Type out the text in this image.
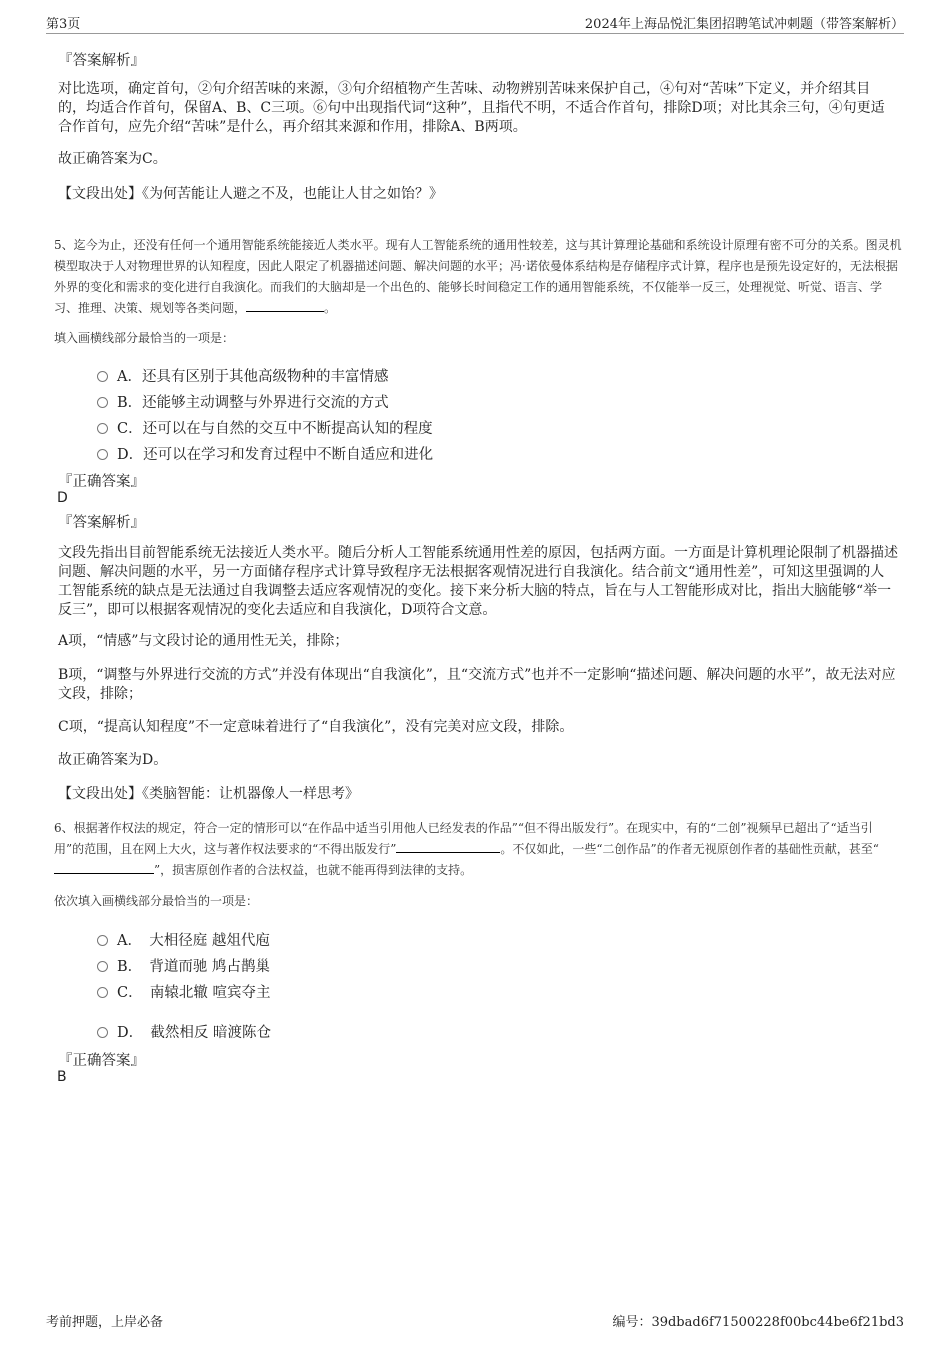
第3页	2024年上海品悦汇集团招聘笔试冲刺题（带答案解析）
『答案解析』
对比选项，确定首句，②句介绍苦味的来源，③句介绍植物产生苦味、动物辨别苦味来保护自己，④句对“苦味”下定义，并介绍其目的，均适合作首句，保留A、B、C三项。⑥句中出现指代词“这种”，且指代不明，不适合作首句，排除D项；对比其余三句，④句更适合作首句，应先介绍“苦味”是什么，再介绍其来源和作用，排除A、B两项。
故正确答案为C。
【文段出处】《为何苦能让人避之不及，也能让人甘之如饴？》
5、迄今为止，还没有任何一个通用智能系统能接近人类水平。现有人工智能系统的通用性较差，这与其计算理论基础和系统设计原理有密不可分的关系。图灵机模型取决于人对物理世界的认知程度，因此人限定了机器描述问题、解决问题的水平；冯·诺依曼体系结构是存储程序式计算，程序也是预先设定好的，无法根据外界的变化和需求的变化进行自我演化。而我们的大脑却是一个出色的、能够长时间稳定工作的通用智能系统，不仅能举一反三，处理视觉、听觉、语言、学习、推理、决策、规划等各类问题，	。
填入画横线部分最恰当的一项是：
A．还具有区别于其他高级物种的丰富情感
B．还能够主动调整与外界进行交流的方式
C．还可以在与自然的交互中不断提高认知的程度
D．还可以在学习和发育过程中不断自适应和进化
『正确答案』
D
『答案解析』
文段先指出目前智能系统无法接近人类水平。随后分析人工智能系统通用性差的原因，包括两方面。一方面是计算机理论限制了机器描述问题、解决问题的水平，另一方面储存程序式计算导致程序无法根据客观情况进行自我演化。结合前文“通用性差”，可知这里强调的人工智能系统的缺点是无法通过自我调整去适应客观情况的变化。接下来分析大脑的特点，旨在与人工智能形成对比，指出大脑能够“举一反三”，即可以根据客观情况的变化去适应和自我演化，D项符合文意。
A项，“情感”与文段讨论的通用性无关，排除；
B项，“调整与外界进行交流的方式”并没有体现出“自我演化”，且“交流方式”也并不一定影响“描述问题、解决问题的水平”，故无法对应文段，排除；
C项，“提高认知程度”不一定意味着进行了“自我演化”，没有完美对应文段，排除。
故正确答案为D。
【文段出处】《类脑智能：让机器像人一样思考》
6、根据著作权法的规定，符合一定的情形可以“在作品中适当引用他人已经发表的作品”“但不得出版发行”。在现实中，有的“二创”视频早已超出了“适当引用”的范围，且在网上大火，这与著作权法要求的“不得出版发行”	。不仅如此，一些“二创作品”的作者无视原创作者的基础性贡献，甚至“”，损害原创作者的合法权益，也就不能再得到法律的支持。
依次填入画横线部分最恰当的一项是：
A．　大相径庭 越俎代庖
B．　背道而驰 鸠占鹊巢
C．　南辕北辙 喧宾夺主
D．　截然相反 暗渡陈仓
『正确答案』
B
考前押题，上岸必备	编号：39dbad6f71500228f00bc44be6f21bd3
